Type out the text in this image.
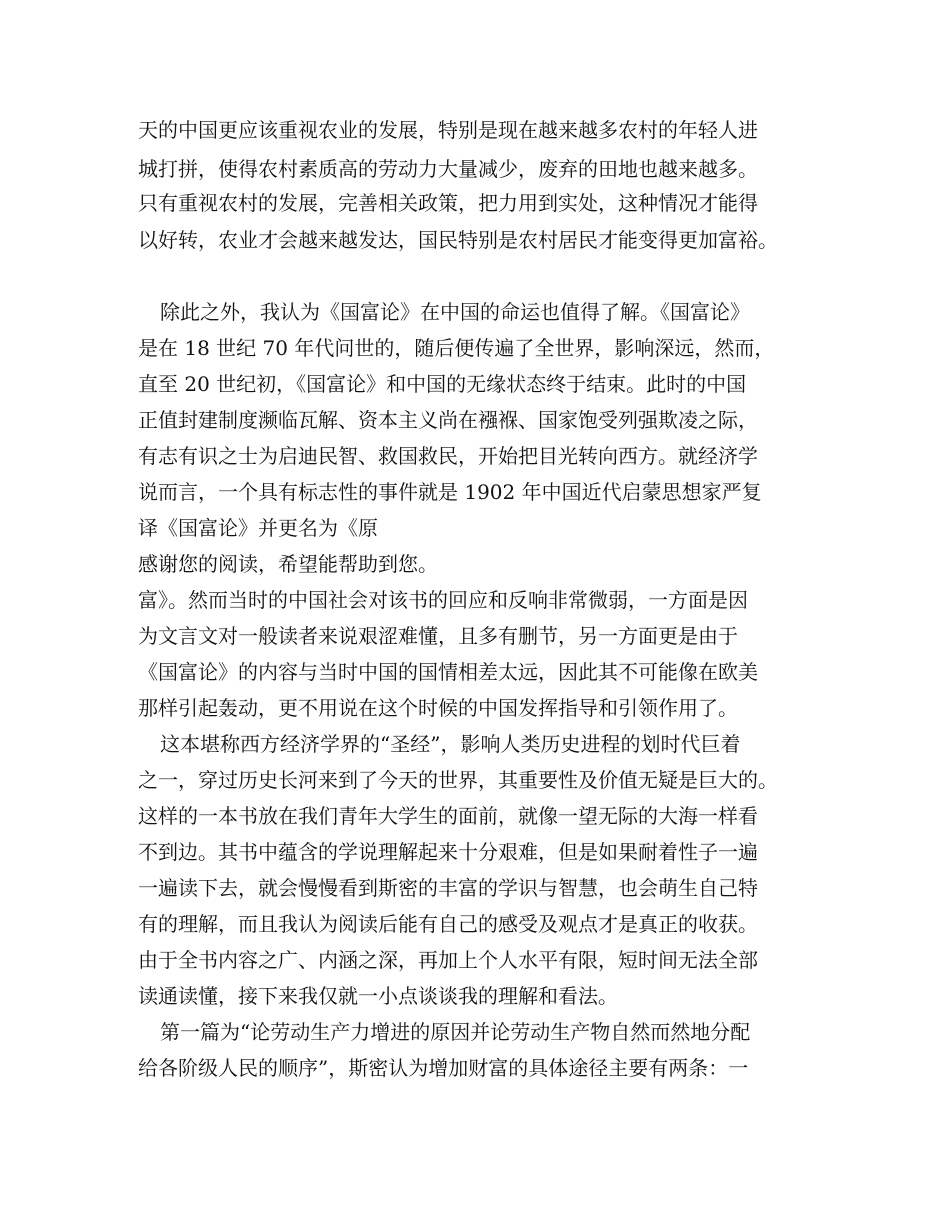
天的中国更应该重视农业的发展，特别是现在越来越多农村的年轻人进

城打拼，使得农村素质高的劳动力大量减少，废弃的田地也越来越多。

只有重视农村的发展，完善相关政策，把力用到实处，这种情况才能得

以好转，农业才会越来越发达，国民特别是农村居民才能变得更加富裕。

除此之外，我认为《国富论》在中国的命运也值得了解。《国富论》

是在 18 世纪 70 年代问世的，随后便传遍了全世界，影响深远，然而，

直至 20 世纪初，《国富论》和中国的无缘状态终于结束。此时的中国

正值封建制度濒临瓦解、资本主义尚在襁褓、国家饱受列强欺凌之际，

有志有识之士为启迪民智、救国救民，开始把目光转向西方。就经济学

说而言，一个具有标志性的事件就是 1902 年中国近代启蒙思想家严复

译《国富论》并更名为《原

感谢您的阅读，希望能帮助到您。

富》。然而当时的中国社会对该书的回应和反响非常微弱，一方面是因

为文言文对一般读者来说艰涩难懂，且多有删节，另一方面更是由于

《国富论》的内容与当时中国的国情相差太远，因此其不可能像在欧美

那样引起轰动，更不用说在这个时候的中国发挥指导和引领作用了。

这本堪称西方经济学界的“圣经”，影响人类历史进程的划时代巨着

之一，穿过历史长河来到了今天的世界，其重要性及价值无疑是巨大的。

这样的一本书放在我们青年大学生的面前，就像一望无际的大海一样看

不到边。其书中蕴含的学说理解起来十分艰难，但是如果耐着性子一遍

一遍读下去，就会慢慢看到斯密的丰富的学识与智慧，也会萌生自己特

有的理解，而且我认为阅读后能有自己的感受及观点才是真正的收获。

由于全书内容之广、内涵之深，再加上个人水平有限，短时间无法全部

读通读懂，接下来我仅就一小点谈谈我的理解和看法。

第一篇为“论劳动生产力增进的原因并论劳动生产物自然而然地分配

给各阶级人民的顺序”，斯密认为增加财富的具体途径主要有两条：一
